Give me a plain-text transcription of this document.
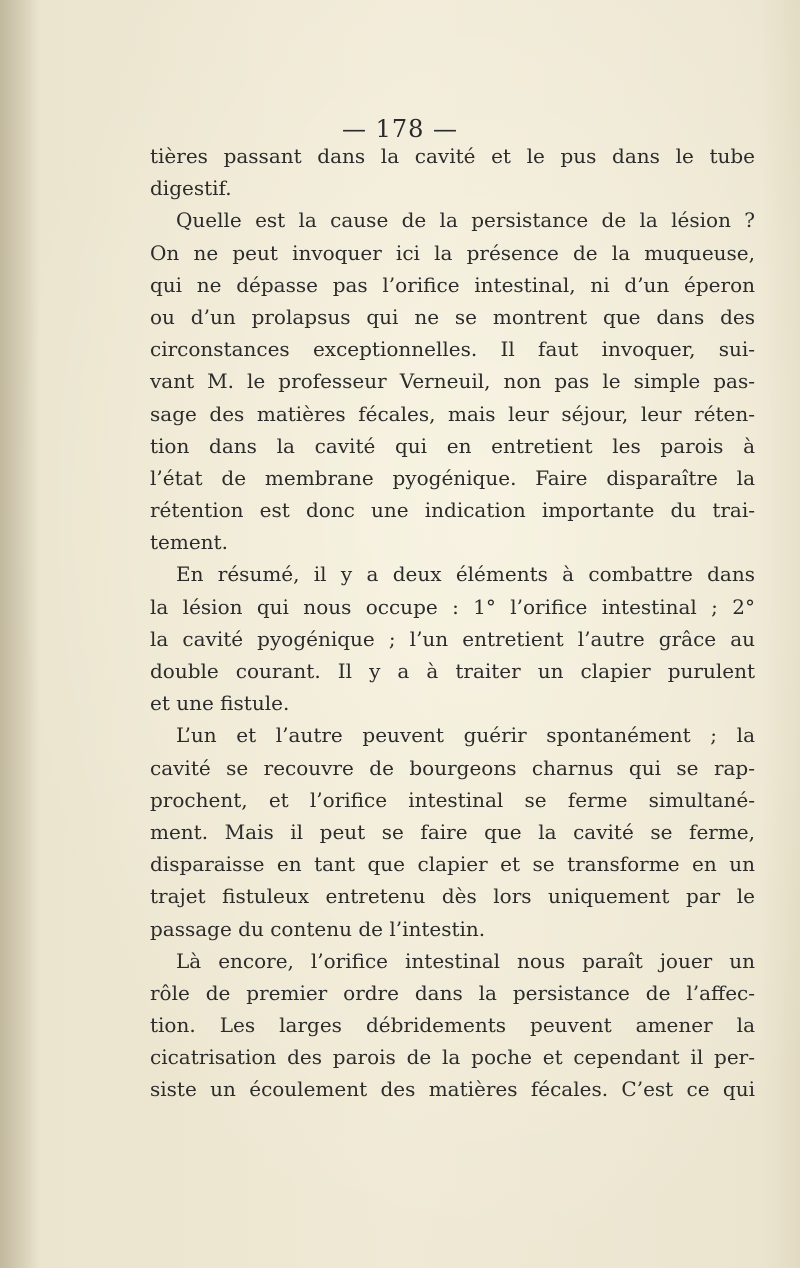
— 178 —

tières passant dans la cavité et le pus dans le tube
digestif.
Quelle est la cause de la persistance de la lésion ?
On ne peut invoquer ici la présence de la muqueuse,
qui ne dépasse pas l’orifice intestinal, ni d’un éperon
ou d’un prolapsus qui ne se montrent que dans des
circonstances exceptionnelles. Il faut invoquer, sui-
vant M. le professeur Verneuil, non pas le simple pas-
sage des matières fécales, mais leur séjour, leur réten-
tion dans la cavité qui en entretient les parois à
l’état de membrane pyogénique. Faire disparaître la
rétention est donc une indication importante du trai-
tement.
En résumé, il y a deux éléments à combattre dans
la lésion qui nous occupe : 1° l’orifice intestinal ; 2°
la cavité pyogénique ; l’un entretient l’autre grâce au
double courant. Il y a à traiter un clapier purulent
et une fistule.
L’un et l’autre peuvent guérir spontanément ; la
cavité se recouvre de bourgeons charnus qui se rap-
prochent, et l’orifice intestinal se ferme simultané-
ment. Mais il peut se faire que la cavité se ferme,
disparaisse en tant que clapier et se transforme en un
trajet fistuleux entretenu dès lors uniquement par le
passage du contenu de l’intestin.
Là encore, l’orifice intestinal nous paraît jouer un
rôle de premier ordre dans la persistance de l’affec-
tion. Les larges débridements peuvent amener la
cicatrisation des parois de la poche et cependant il per-
siste un écoulement des matières fécales. C’est ce qui
